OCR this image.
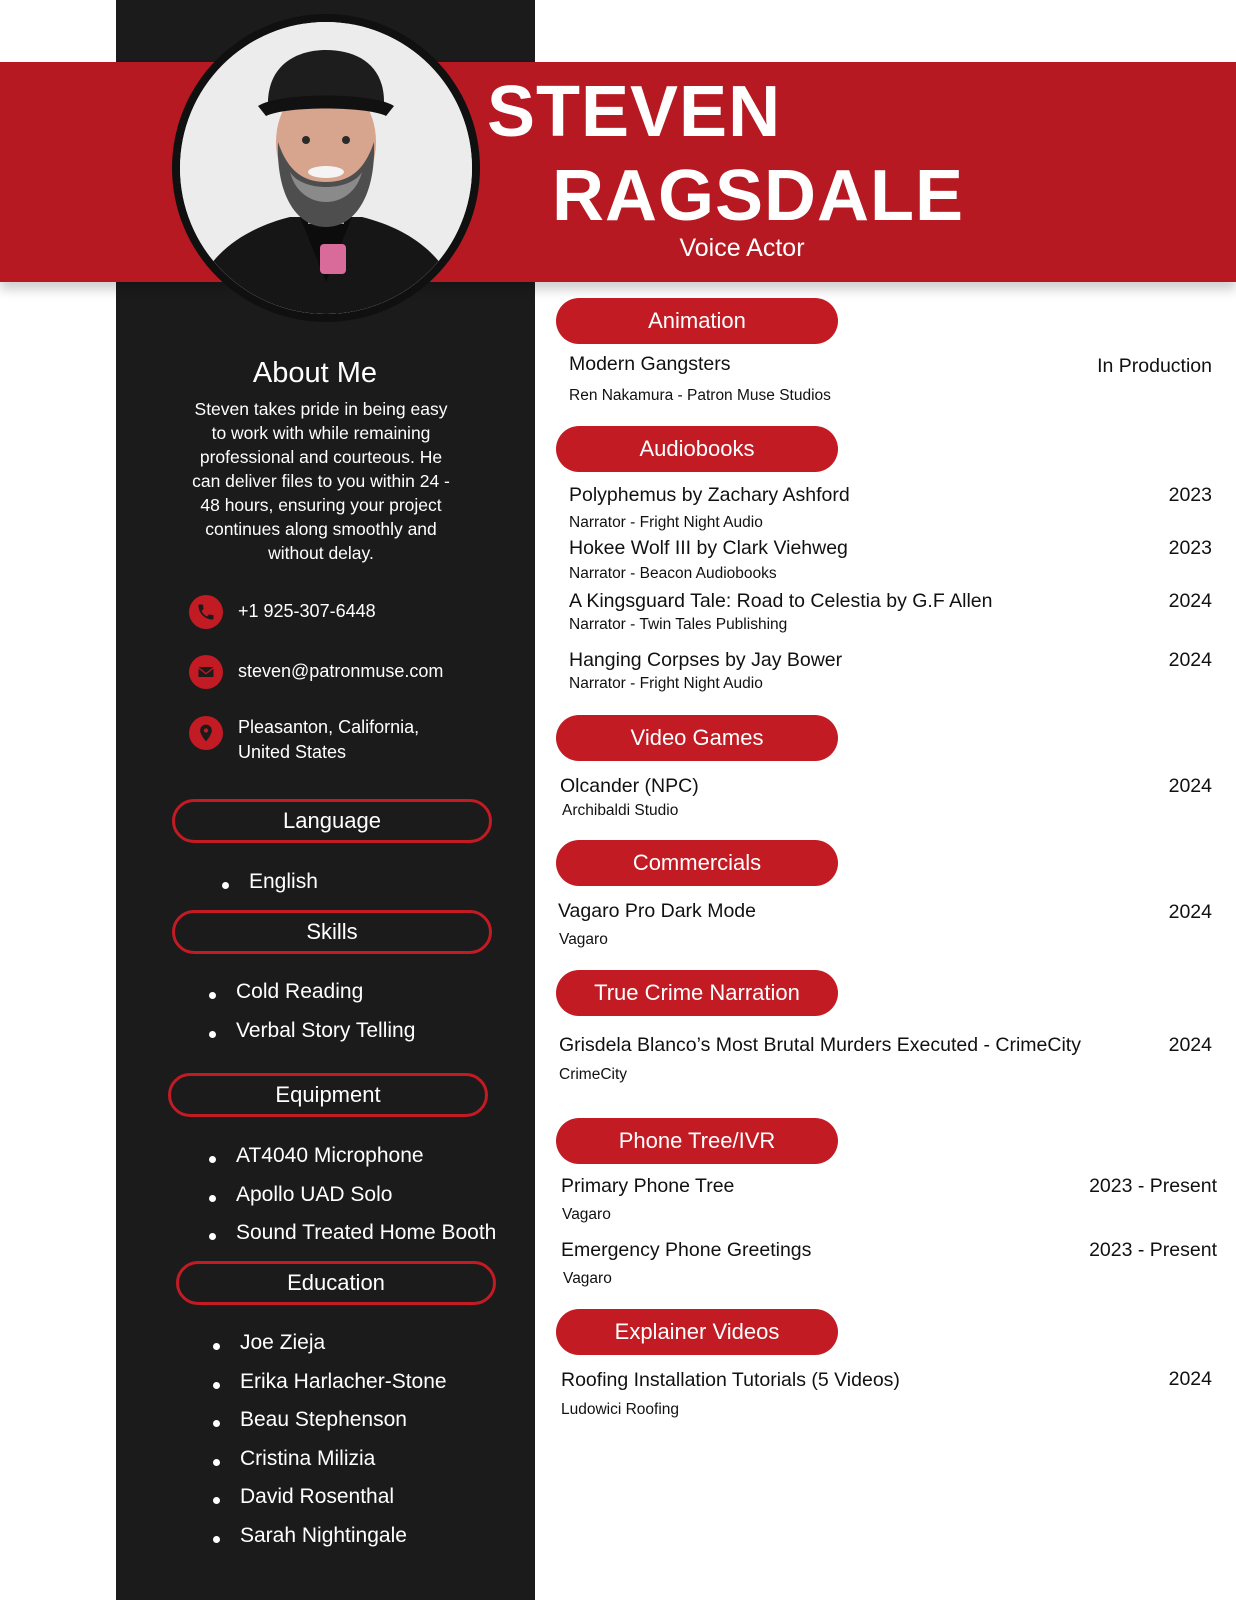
STEVEN
RAGSDALE
Voice Actor
About Me
Steven takes pride in being easy to work with while remaining professional and courteous. He can deliver files to you within 24 - 48 hours, ensuring your project continues along smoothly and without delay.
+1 925-307-6448
steven@patronmuse.com
Pleasanton, California,
United States
Language
English
Skills
Cold Reading
Verbal Story Telling
Equipment
AT4040 Microphone
Apollo UAD Solo
Sound Treated Home Booth
Education
Joe Zieja
Erika Harlacher-Stone
Beau Stephenson
Cristina Milizia
David Rosenthal
Sarah Nightingale
Animation
Modern Gangsters	In Production
Ren Nakamura - Patron Muse Studios
Audiobooks
Polyphemus by Zachary Ashford	2023
Narrator - Fright Night Audio
Hokee Wolf III by Clark Viehweg	2023
Narrator - Beacon Audiobooks
A Kingsguard Tale: Road to Celestia by G.F Allen	2024
Narrator - Twin Tales Publishing
Hanging Corpses by Jay Bower	2024
Narrator - Fright Night Audio
Video Games
Olcander (NPC)	2024
Archibaldi Studio
Commercials
Vagaro Pro Dark Mode	2024
Vagaro
True Crime Narration
Grisdela Blanco’s Most Brutal Murders Executed - CrimeCity	2024
CrimeCity
Phone Tree/IVR
Primary Phone Tree	2023 - Present
Vagaro
Emergency Phone Greetings	2023 - Present
Vagaro
Explainer Videos
Roofing Installation Tutorials (5 Videos)	2024
Ludowici Roofing
